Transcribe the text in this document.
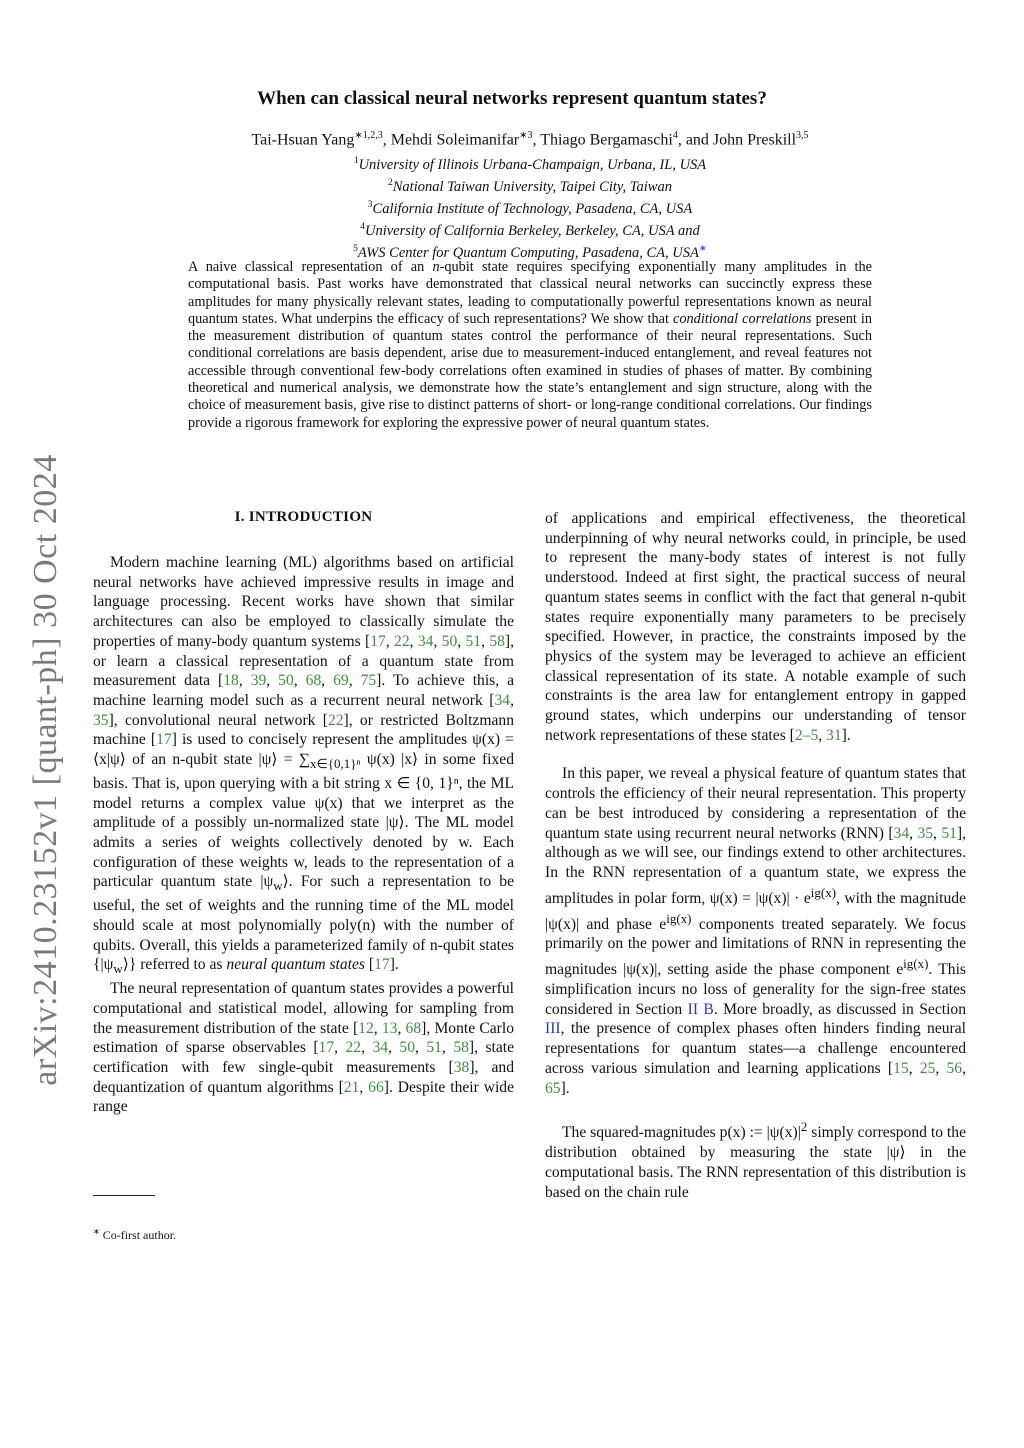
arXiv:2410.23152v1 [quant-ph] 30 Oct 2024
When can classical neural networks represent quantum states?
Tai-Hsuan Yang$^{∗1,2,3}$, Mehdi Soleimanifar$^{∗3}$, Thiago Bergamaschi$^4$, and John Preskill$^{3,5}$
$^1$University of Illinois Urbana-Champaign, Urbana, IL, USA
$^2$National Taiwan University, Taipei City, Taiwan
$^3$California Institute of Technology, Pasadena, CA, USA
$^4$University of California Berkeley, Berkeley, CA, USA and
$^5$AWS Center for Quantum Computing, Pasadena, CA, USA∗
A naive classical representation of an n-qubit state requires specifying exponentially many amplitudes in the computational basis. Past works have demonstrated that classical neural networks can succinctly express these amplitudes for many physically relevant states, leading to computationally powerful representations known as neural quantum states. What underpins the efficacy of such representations? We show that conditional correlations present in the measurement distribution of quantum states control the performance of their neural representations. Such conditional correlations are basis dependent, arise due to measurement-induced entanglement, and reveal features not accessible through conventional few-body correlations often examined in studies of phases of matter. By combining theoretical and numerical analysis, we demonstrate how the state’s entanglement and sign structure, along with the choice of measurement basis, give rise to distinct patterns of short- or long-range conditional correlations. Our findings provide a rigorous framework for exploring the expressive power of neural quantum states.
I. INTRODUCTION

Modern machine learning (ML) algorithms based on artificial neural networks have achieved impressive results in image and language processing. Recent works have shown that similar architectures can also be employed to classically simulate the properties of many-body quantum systems [17, 22, 34, 50, 51, 58], or learn a classical representation of a quantum state from measurement data [18, 39, 50, 68, 69, 75]. To achieve this, a machine learning model such as a recurrent neural network [34, 35], convolutional neural network [22], or restricted Boltzmann machine [17] is used to concisely represent the amplitudes ψ(x) = ⟨x|ψ⟩ of an n-qubit state |ψ⟩ = $\sum_{x\in\{0,1\}^n}$ ψ(x) |x⟩ in some fixed basis. That is, upon querying with a bit string x ∈ {0, 1}ⁿ, the ML model returns a complex value ψ(x) that we interpret as the amplitude of a possibly un-normalized state |ψ⟩. The ML model admits a series of weights collectively denoted by w. Each configuration of these weights w, leads to the representation of a particular quantum state $|\psi_w⟩$. For such a representation to be useful, the set of weights and the running time of the ML model should scale at most polynomially poly(n) with the number of qubits. Overall, this yields a parameterized family of n-qubit states $\{|\psi_w⟩\}$ referred to as neural quantum states [17].

The neural representation of quantum states provides a powerful computational and statistical model, allowing for sampling from the measurement distribution of the state [12, 13, 68], Monte Carlo estimation of sparse observables [17, 22, 34, 50, 51, 58], state certification with few single-qubit measurements [38], and dequantization of quantum algorithms [21, 66]. Despite their wide range

of applications and empirical effectiveness, the theoretical underpinning of why neural networks could, in principle, be used to represent the many-body states of interest is not fully understood. Indeed at first sight, the practical success of neural quantum states seems in conflict with the fact that general n-qubit states require exponentially many parameters to be precisely specified. However, in practice, the constraints imposed by the physics of the system may be leveraged to achieve an efficient classical representation of its state. A notable example of such constraints is the area law for entanglement entropy in gapped ground states, which underpins our understanding of tensor network representations of these states [2–5, 31].

In this paper, we reveal a physical feature of quantum states that controls the efficiency of their neural representation. This property can be best introduced by considering a representation of the quantum state using recurrent neural networks (RNN) [34, 35, 51], although as we will see, our findings extend to other architectures. In the RNN representation of a quantum state, we express the amplitudes in polar form, $\psi(x) = |\psi(x)| \cdot e^{ig(x)}$, with the magnitude |ψ(x)| and phase $e^{ig(x)}$ components treated separately. We focus primarily on the power and limitations of RNN in representing the magnitudes |ψ(x)|, setting aside the phase component $e^{ig(x)}$. This simplification incurs no loss of generality for the sign-free states considered in Section II B. More broadly, as discussed in Section III, the presence of complex phases often hinders finding neural representations for quantum states—a challenge encountered across various simulation and learning applications [15, 25, 56, 65].

The squared-magnitudes p(x) := $|\psi(x)|^2$ simply correspond to the distribution obtained by measuring the state |ψ⟩ in the computational basis. The RNN representation of this distribution is based on the chain rule

∗ Co-first author.
